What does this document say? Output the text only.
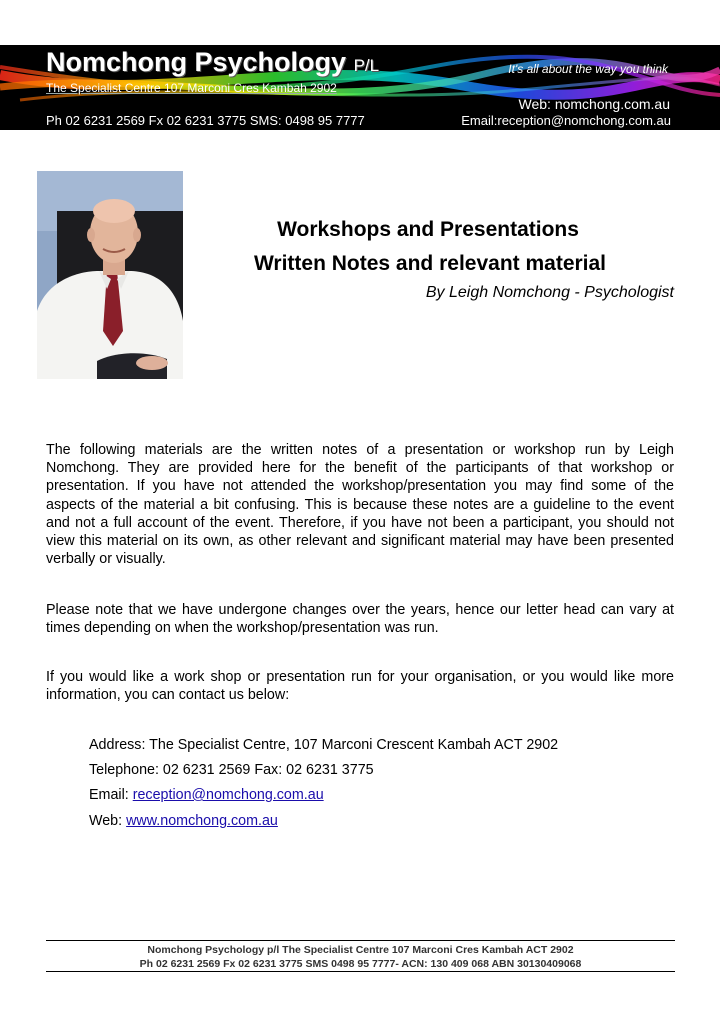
Nomchong Psychology P/L	It's all about the way you think
The Specialist Centre 107 Marconi Cres Kambah 2902
Web: nomchong.com.au
Ph 02 6231 2569 Fx 02 6231 3775 SMS: 0498 95 7777	Email:reception@nomchong.com.au
Workshops and Presentations
Written Notes and relevant material
By Leigh Nomchong - Psychologist
The following materials are the written notes of a presentation or workshop run by Leigh Nomchong. They are provided here for the benefit of the participants of that workshop or presentation. If you have not attended the workshop/presentation you may find some of the aspects of the material a bit confusing. This is because these notes are a guideline to the event and not a full account of the event. Therefore, if you have not been a participant, you should not view this material on its own, as other relevant and significant material may have been presented verbally or visually.
Please note that we have undergone changes over the years, hence our letter head can vary at times depending on when the workshop/presentation was run.
If you would like a work shop or presentation run for your organisation, or you would like more information, you can contact us below:
Address: The Specialist Centre, 107 Marconi Crescent Kambah ACT 2902
Telephone: 02 6231 2569 Fax: 02 6231 3775
Email: reception@nomchong.com.au
Web: www.nomchong.com.au
Nomchong Psychology p/l The Specialist Centre 107 Marconi Cres Kambah ACT 2902
Ph 02 6231 2569 Fx 02 6231 3775 SMS 0498 95 7777- ACN: 130 409 068 ABN 30130409068
